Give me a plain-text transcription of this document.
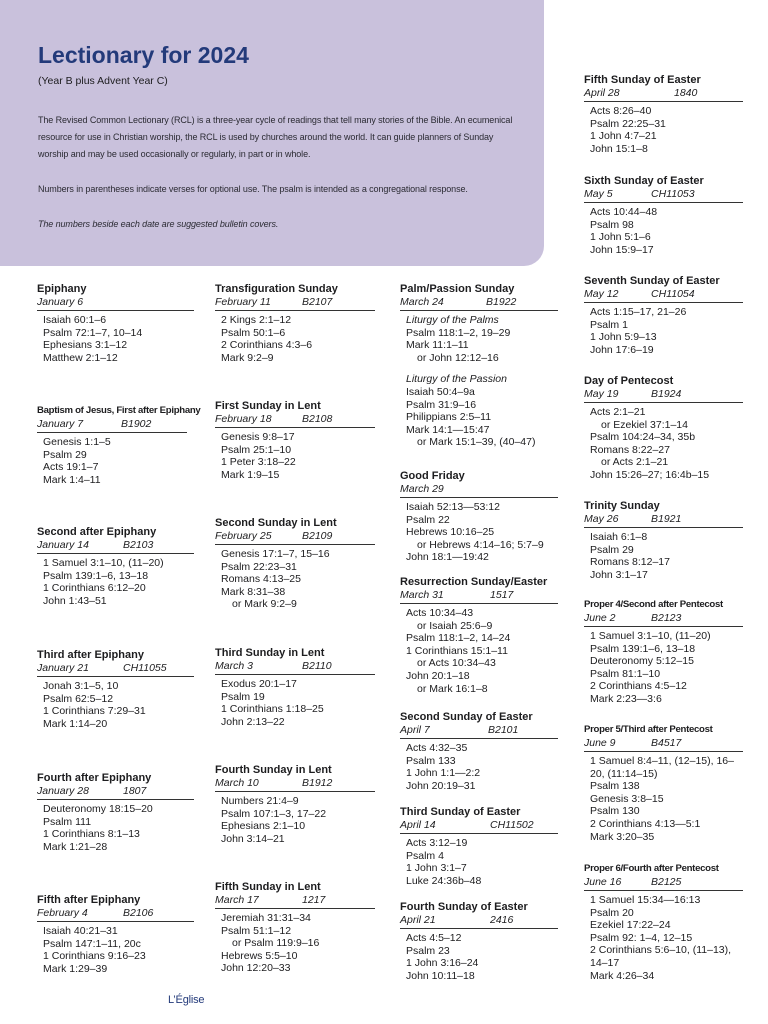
Lectionary for 2024
(Year B plus Advent Year C)
The Revised Common Lectionary (RCL) is a three-year cycle of readings that tell many stories of the Bible. An ecumenical resource for use in Christian worship, the RCL is used by churches around the world. It can guide planners of Sunday worship and may be used occasionally or regularly, in part or in whole.
Numbers in parentheses indicate verses for optional use. The psalm is intended as a congregational response.
The numbers beside each date are suggested bulletin covers.
Epiphany
January 6
Isaiah 60:1–6
Psalm 72:1–7, 10–14
Ephesians 3:1–12
Matthew 2:1–12
Baptism of Jesus, First after Epiphany
January 7	B1902
Genesis 1:1–5
Psalm 29
Acts 19:1–7
Mark 1:4–11
Second after Epiphany
January 14	B2103
1 Samuel 3:1–10, (11–20)
Psalm 139:1–6, 13–18
1 Corinthians 6:12–20
John 1:43–51
Third after Epiphany
January 21	CH11055
Jonah 3:1–5, 10
Psalm 62:5–12
1 Corinthians 7:29–31
Mark 1:14–20
Fourth after Epiphany
January 28	1807
Deuteronomy 18:15–20
Psalm 111
1 Corinthians 8:1–13
Mark 1:21–28
Fifth after Epiphany
February 4	B2106
Isaiah 40:21–31
Psalm 147:1–11, 20c
1 Corinthians 9:16–23
Mark 1:29–39
Transfiguration Sunday
February 11	B2107
2 Kings 2:1–12
Psalm 50:1–6
2 Corinthians 4:3–6
Mark 9:2–9
First Sunday in Lent
February 18	B2108
Genesis 9:8–17
Psalm 25:1–10
1 Peter 3:18–22
Mark 1:9–15
Second Sunday in Lent
February 25	B2109
Genesis 17:1–7, 15–16
Psalm 22:23–31
Romans 4:13–25
Mark 8:31–38
or Mark 9:2–9
Third Sunday in Lent
March 3	B2110
Exodus 20:1–17
Psalm 19
1 Corinthians 1:18–25
John 2:13–22
Fourth Sunday in Lent
March 10	B1912
Numbers 21:4–9
Psalm 107:1–3, 17–22
Ephesians 2:1–10
John 3:14–21
Fifth Sunday in Lent
March 17	1217
Jeremiah 31:31–34
Psalm 51:1–12
or Psalm 119:9–16
Hebrews 5:5–10
John 12:20–33
Palm/Passion Sunday
March 24	B1922
Liturgy of the Palms
Psalm 118:1–2, 19–29
Mark 11:1–11
or John 12:12–16
Liturgy of the Passion
Isaiah 50:4–9a
Psalm 31:9–16
Philippians 2:5–11
Mark 14:1—15:47
or Mark 15:1–39, (40–47)
Good Friday
March 29
Isaiah 52:13—53:12
Psalm 22
Hebrews 10:16–25
or Hebrews 4:14–16; 5:7–9
John 18:1—19:42
Resurrection Sunday/Easter
March 31	1517
Acts 10:34–43
or Isaiah 25:6–9
Psalm 118:1–2, 14–24
1 Corinthians 15:1–11
or Acts 10:34–43
John 20:1–18
or Mark 16:1–8
Second Sunday of Easter
April 7	B2101
Acts 4:32–35
Psalm 133
1 John 1:1—2:2
John 20:19–31
Third Sunday of Easter
April 14	CH11502
Acts 3:12–19
Psalm 4
1 John 3:1–7
Luke 24:36b–48
Fourth Sunday of Easter
April 21	2416
Acts 4:5–12
Psalm 23
1 John 3:16–24
John 10:11–18
Fifth Sunday of Easter
April 28	1840
Acts 8:26–40
Psalm 22:25–31
1 John 4:7–21
John 15:1–8
Sixth Sunday of Easter
May 5	CH11053
Acts 10:44–48
Psalm 98
1 John 5:1–6
John 15:9–17
Seventh Sunday of Easter
May 12	CH11054
Acts 1:15–17, 21–26
Psalm 1
1 John 5:9–13
John 17:6–19
Day of Pentecost
May 19	B1924
Acts 2:1–21
or Ezekiel 37:1–14
Psalm 104:24–34, 35b
Romans 8:22–27
or Acts 2:1–21
John 15:26–27; 16:4b–15
Trinity Sunday
May 26	B1921
Isaiah 6:1–8
Psalm 29
Romans 8:12–17
John 3:1–17
Proper 4/Second after Pentecost
June 2	B2123
1 Samuel 3:1–10, (11–20)
Psalm 139:1–6, 13–18
Deuteronomy 5:12–15
Psalm 81:1–10
2 Corinthians 4:5–12
Mark 2:23—3:6
Proper 5/Third after Pentecost
June 9	B4517
1 Samuel 8:4–11, (12–15), 16–
20, (11:14–15)
Psalm 138
Genesis 3:8–15
Psalm 130
2 Corinthians 4:13—5:1
Mark 3:20–35
Proper 6/Fourth after Pentecost
June 16	B2125
1 Samuel 15:34—16:13
Psalm 20
Ezekiel 17:22–24
Psalm 92: 1–4, 12–15
2 Corinthians 5:6–10, (11–13),
14–17
Mark 4:26–34
L’Église
